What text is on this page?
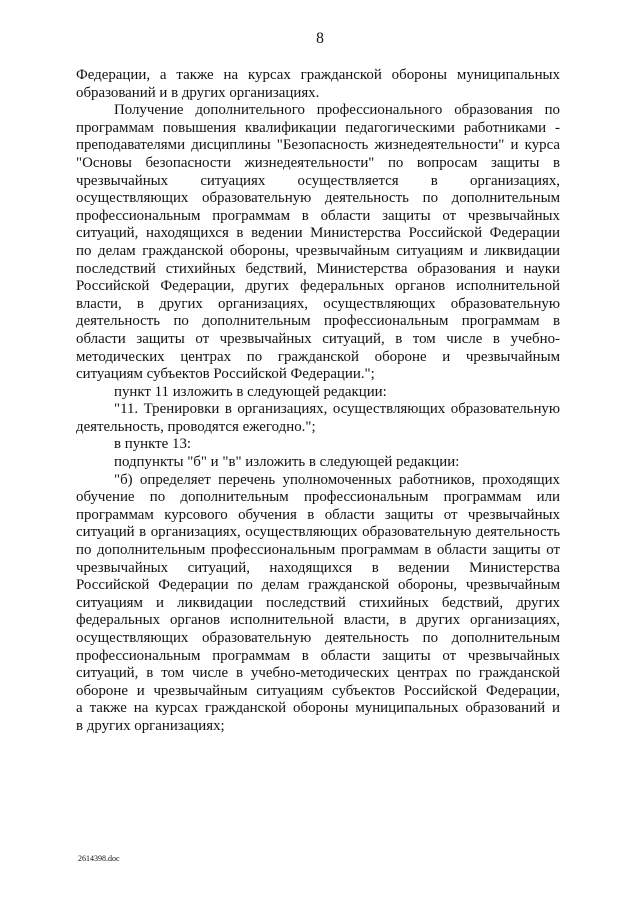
8
Федерации, а также на курсах гражданской обороны муниципальных
образований и в других организациях.
Получение дополнительного профессионального образования по
программам повышения квалификации педагогическими работниками -
преподавателями дисциплины "Безопасность жизнедеятельности" и курса
"Основы безопасности жизнедеятельности" по вопросам защиты в
чрезвычайных ситуациях осуществляется в организациях,
осуществляющих образовательную деятельность по дополнительным
профессиональным программам в области защиты от чрезвычайных
ситуаций, находящихся в ведении Министерства Российской Федерации
по делам гражданской обороны, чрезвычайным ситуациям и ликвидации
последствий стихийных бедствий, Министерства образования и науки
Российской Федерации, других федеральных органов исполнительной
власти, в других организациях, осуществляющих образовательную
деятельность по дополнительным профессиональным программам в
области защиты от чрезвычайных ситуаций, в том числе в учебно-
методических центрах по гражданской обороне и чрезвычайным
ситуациям субъектов Российской Федерации.";
пункт 11 изложить в следующей редакции:
"11. Тренировки в организациях, осуществляющих образовательную
деятельность, проводятся ежегодно.";
в пункте 13:
подпункты "б" и "в" изложить в следующей редакции:
"б) определяет перечень уполномоченных работников, проходящих
обучение по дополнительным профессиональным программам или
программам курсового обучения в области защиты от чрезвычайных
ситуаций в организациях, осуществляющих образовательную деятельность
по дополнительным профессиональным программам в области защиты от
чрезвычайных ситуаций, находящихся в ведении Министерства
Российской Федерации по делам гражданской обороны, чрезвычайным
ситуациям и ликвидации последствий стихийных бедствий, других
федеральных органов исполнительной власти, в других организациях,
осуществляющих образовательную деятельность по дополнительным
профессиональным программам в области защиты от чрезвычайных
ситуаций, в том числе в учебно-методических центрах по гражданской
обороне и чрезвычайным ситуациям субъектов Российской Федерации,
а также на курсах гражданской обороны муниципальных образований и
в других организациях;
2614398.doc
